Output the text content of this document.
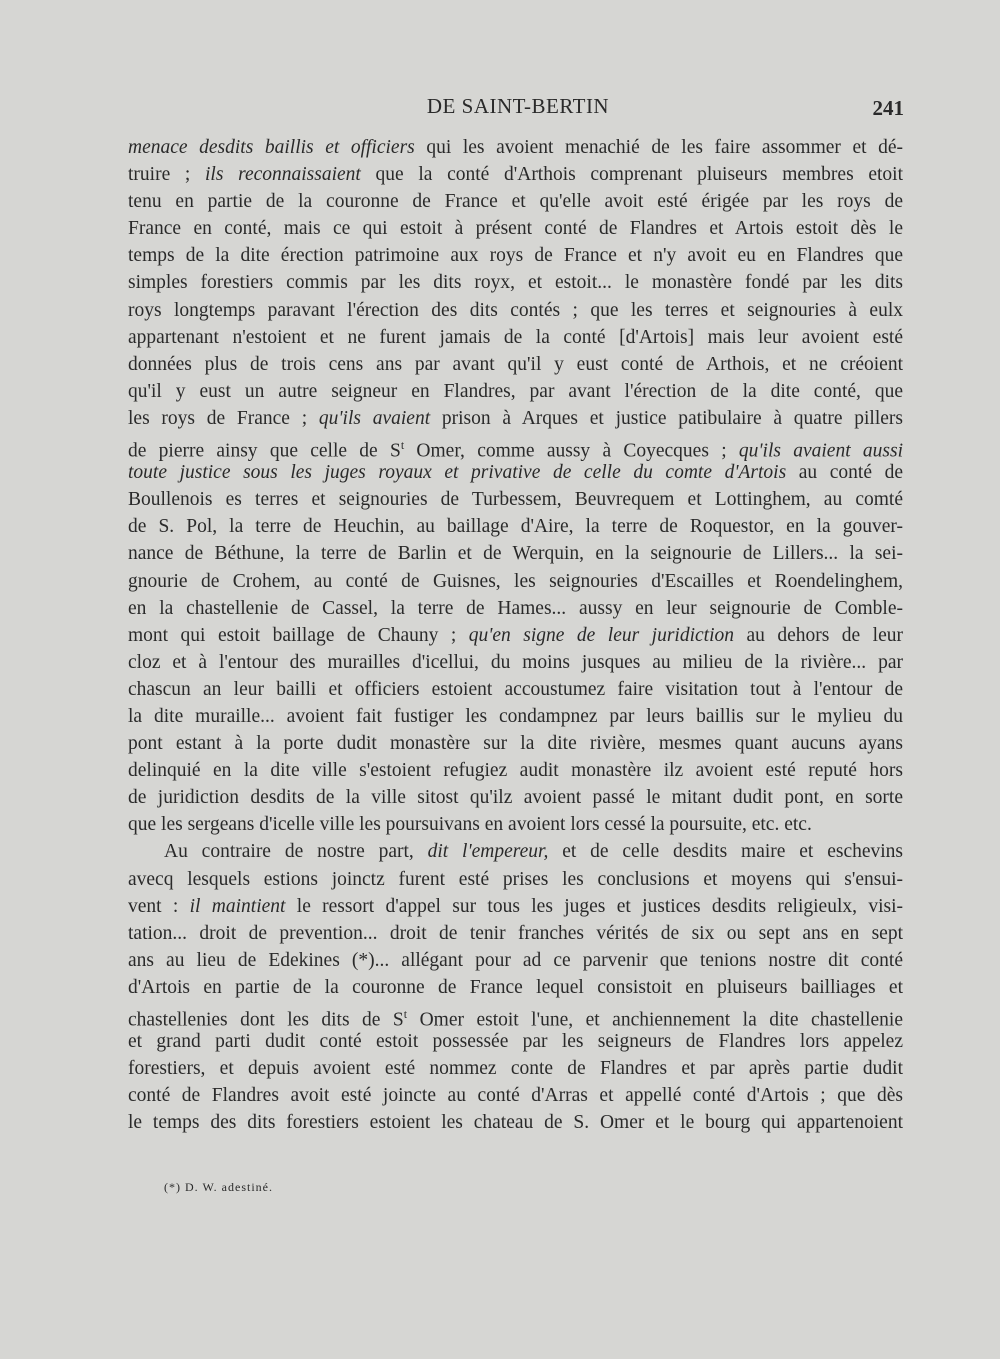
DE SAINT-BERTIN	241
menace desdits baillis et officiers qui les avoient menachié de les faire assommer et dé-
truire ; ils reconnaissaient que la conté d'Arthois comprenant pluiseurs membres etoit
tenu en partie de la couronne de France et qu'elle avoit esté érigée par les roys de
France en conté, mais ce qui estoit à présent conté de Flandres et Artois estoit dès le
temps de la dite érection patrimoine aux roys de France et n'y avoit eu en Flandres que
simples forestiers commis par les dits royx, et estoit... le monastère fondé par les dits
roys longtemps paravant l'érection des dits contés ; que les terres et seignouries à eulx
appartenant n'estoient et ne furent jamais de la conté [d'Artois] mais leur avoient esté
données plus de trois cens ans par avant qu'il y eust conté de Arthois, et ne créoient
qu'il y eust un autre seigneur en Flandres, par avant l'érection de la dite conté, que
les roys de France ; qu'ils avaient prison à Arques et justice patibulaire à quatre pillers
de pierre ainsy que celle de $S^t$ Omer, comme aussy à Coyecques ; qu'ils avaient aussi
toute justice sous les juges royaux et privative de celle du comte d'Artois au conté de
Boullenois es terres et seignouries de Turbessem, Beuvrequem et Lottinghem, au comté
de S. Pol, la terre de Heuchin, au baillage d'Aire, la terre de Roquestor, en la gouver-
nance de Béthune, la terre de Barlin et de Werquin, en la seignourie de Lillers... la sei-
gnourie de Crohem, au conté de Guisnes, les seignouries d'Escailles et Roendelinghem,
en la chastellenie de Cassel, la terre de Hames... aussy en leur seignourie de Comble-
mont qui estoit baillage de Chauny ; qu'en signe de leur juridiction au dehors de leur
cloz et à l'entour des murailles d'icellui, du moins jusques au milieu de la rivière... par
chascun an leur bailli et officiers estoient accoustumez faire visitation tout à l'entour de
la dite muraille... avoient fait fustiger les condampnez par leurs baillis sur le mylieu du
pont estant à la porte dudit monastère sur la dite rivière, mesmes quant aucuns ayans
delinquié en la dite ville s'estoient refugiez audit monastère ilz avoient esté reputé hors
de juridiction desdits de la ville sitost qu'ilz avoient passé le mitant dudit pont, en sorte
que les sergeans d'icelle ville les poursuivans en avoient lors cessé la poursuite, etc. etc.
Au contraire de nostre part, dit l'empereur, et de celle desdits maire et eschevins
avecq lesquels estions joinctz furent esté prises les conclusions et moyens qui s'ensui-
vent : il maintient le ressort d'appel sur tous les juges et justices desdits religieulx, visi-
tation... droit de prevention... droit de tenir franches vérités de six ou sept ans en sept
ans au lieu de Edekines (*)... allégant pour ad ce parvenir que tenions nostre dit conté
d'Artois en partie de la couronne de France lequel consistoit en pluiseurs bailliages et
chastellenies dont les dits de $S^t$ Omer estoit l'une, et anchiennement la dite chastellenie
et grand parti dudit conté estoit possessée par les seigneurs de Flandres lors appelez
forestiers, et depuis avoient esté nommez conte de Flandres et par après partie dudit
conté de Flandres avoit esté joincte au conté d'Arras et appellé conté d'Artois ; que dès
le temps des dits forestiers estoient les chateau de S. Omer et le bourg qui appartenoient
(*) D. W. adestiné.
